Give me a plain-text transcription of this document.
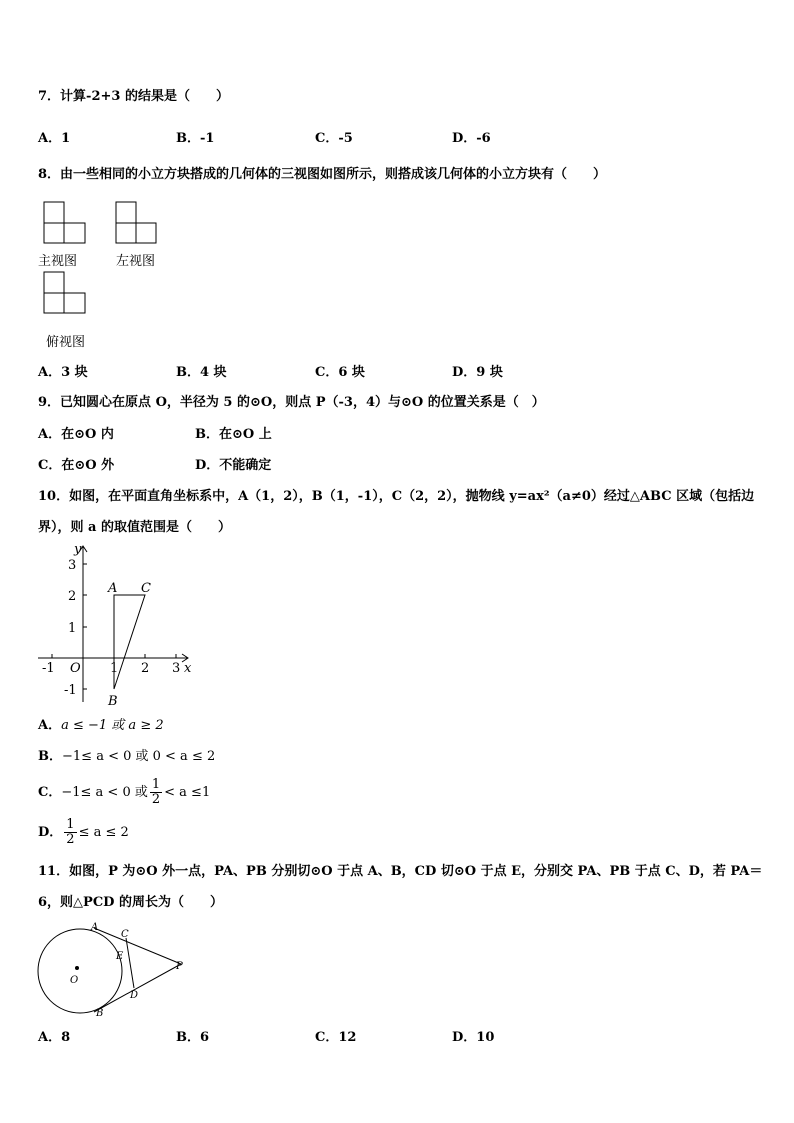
7．计算-2+3 的结果是（　　）
A．1	B．-1	C．-5	D．-6
8．由一些相同的小立方块搭成的几何体的三视图如图所示，则搭成该几何体的小立方块有（　　）
主视图	左视图
俯视图
A．3 块	B．4 块	C．6 块	D．9 块
9．已知圆心在原点 O，半径为 5 的⊙O，则点 P（-3，4）与⊙O 的位置关系是（　）
A．在⊙O 内	B．在⊙O 上
C．在⊙O 外	D．不能确定
10．如图，在平面直角坐标系中，A（1，2），B（1，-1），C（2，2），抛物线 y=ax²（a≠0）经过△ABC 区域（包括边
界），则 a 的取值范围是（　　）
3
2
1
-1
-1	1 2 3
O	x
y
A
B
C
A．a ≤ −1 或 a ≥ 2
B．−1≤ a < 0 或 0 < a ≤ 2
C．−1≤ a < 0 或 $\frac{1}{2} < a \le 1$
D． $\frac{1}{2} \le a \le 2$
11．如图，P 为⊙O 外一点，PA、PB 分别切⊙O 于点 A、B，CD 切⊙O 于点 E，分别交 PA、PB 于点 C、D，若 PA＝
6，则△PCD 的周长为（　　）
A
C
E
P
O
D
B
A．8	B．6	C．12	D．10
